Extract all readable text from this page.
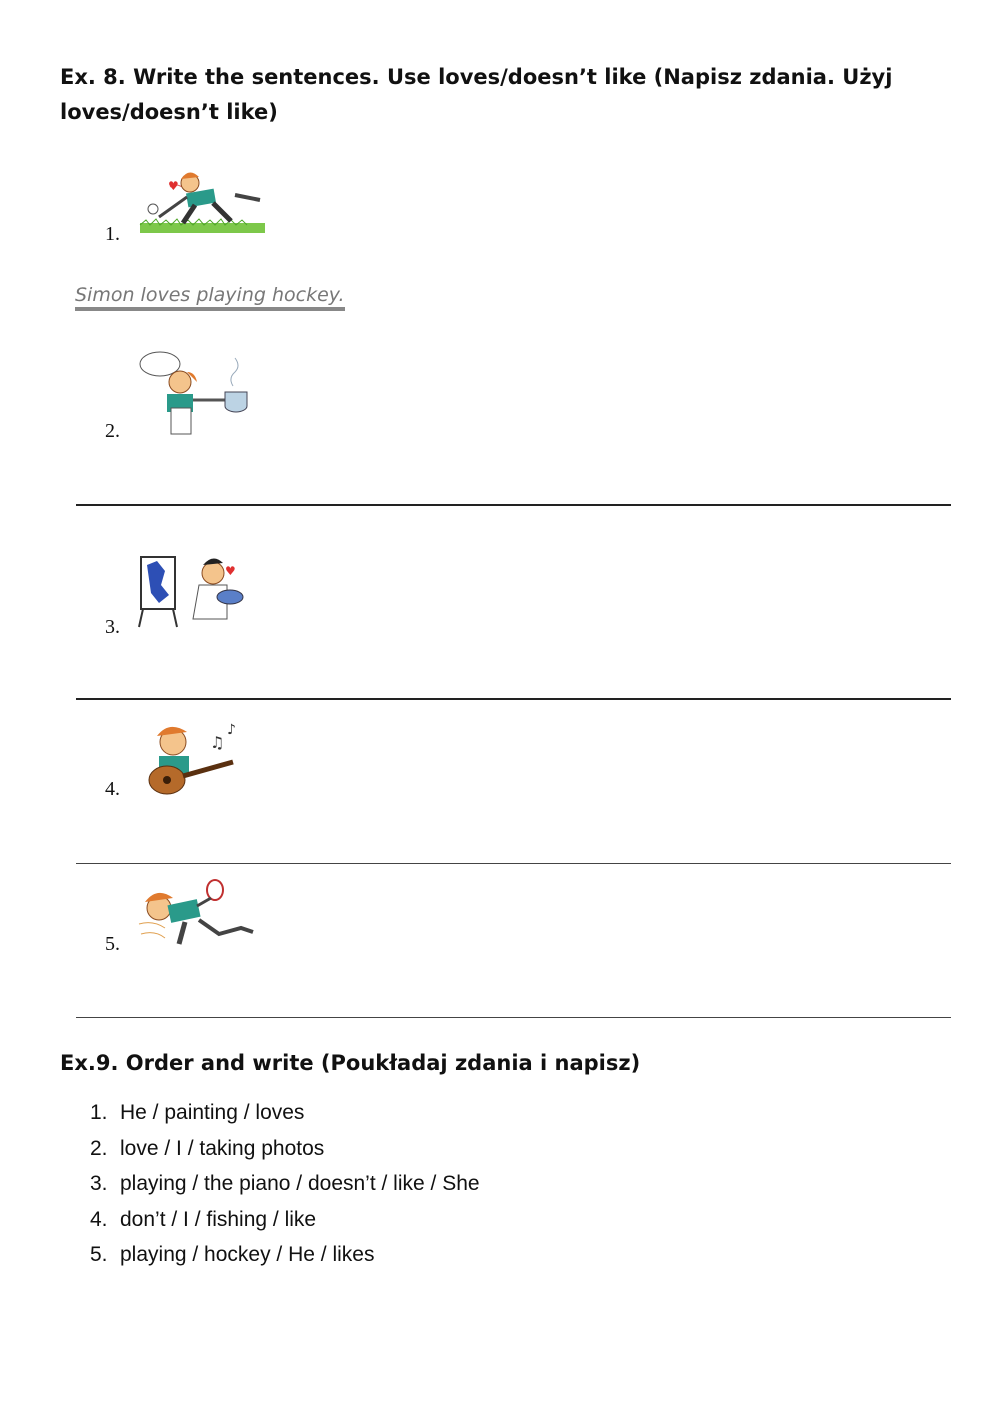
Ex. 8. Write the sentences. Use loves/doesn’t like (Napisz zdania. Użyj loves/doesn’t like)

1.
♥
Simon loves playing hockey.
2.
3.
♥
4.
♫
♪
5.

Ex.9. Order and write (Poukładaj zdania i napisz)

1. He / painting / loves
2. love / I / taking photos
3. playing / the piano / doesn’t / like / She
4. don’t / I / fishing / like
5. playing / hockey / He / likes
